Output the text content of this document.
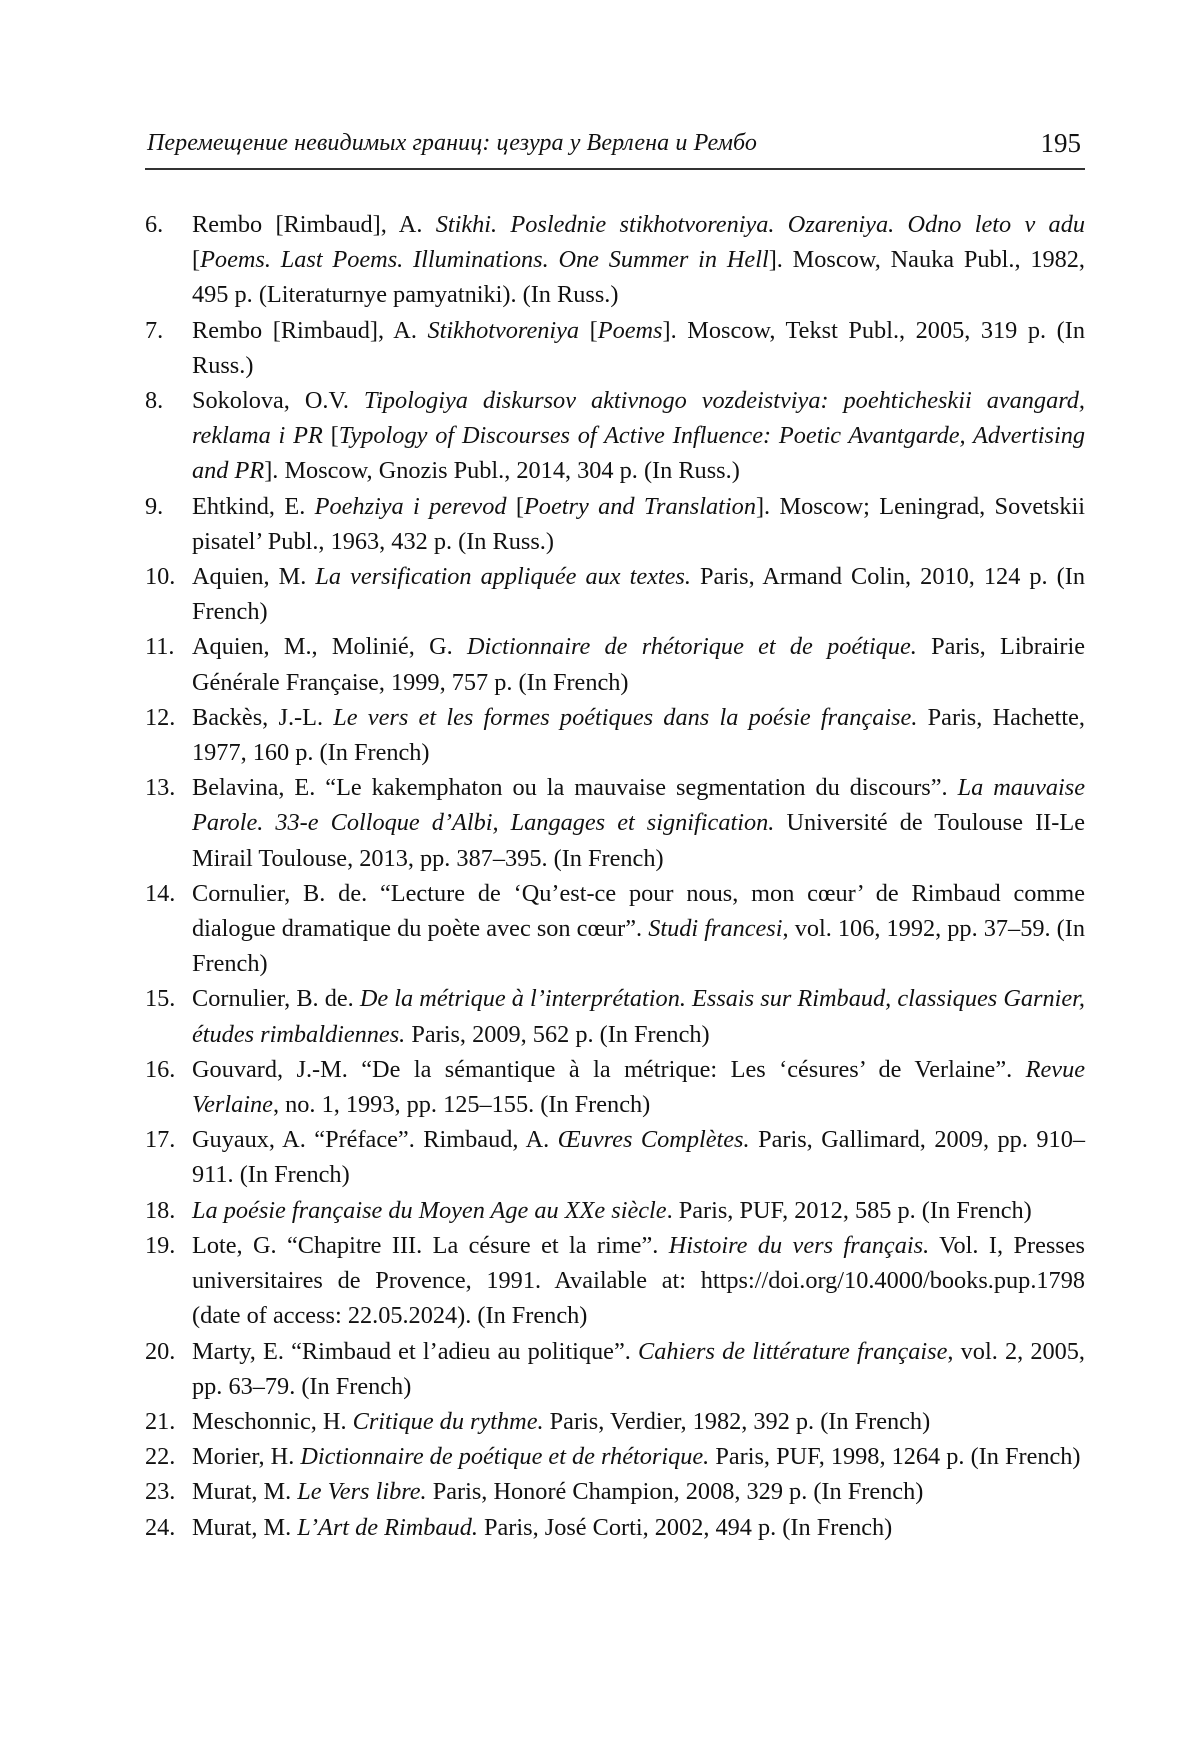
Перемещение невидимых границ: цезура у Верлена и Рембо	195
6. Rembo [Rimbaud], A. Stikhi. Poslednie stikhotvoreniya. Ozareniya. Odno leto v adu [Poems. Last Poems. Illuminations. One Summer in Hell]. Moscow, Nauka Publ., 1982, 495 p. (Literaturnye pamyatniki). (In Russ.)
7. Rembo [Rimbaud], A. Stikhotvoreniya [Poems]. Moscow, Tekst Publ., 2005, 319 p. (In Russ.)
8. Sokolova, O.V. Tipologiya diskursov aktivnogo vozdeistviya: poehticheskii avangard, reklama i PR [Typology of Discourses of Active Influence: Poetic Avantgarde, Advertising and PR]. Moscow, Gnozis Publ., 2014, 304 p. (In Russ.)
9. Ehtkind, E. Poehziya i perevod [Poetry and Translation]. Moscow; Leningrad, Sovetskii pisatel’ Publ., 1963, 432 p. (In Russ.)
10. Aquien, M. La versification appliquée aux textes. Paris, Armand Colin, 2010, 124 p. (In French)
11. Aquien, M., Molinié, G. Dictionnaire de rhétorique et de poétique. Paris, Librairie Générale Française, 1999, 757 p. (In French)
12. Backès, J.-L. Le vers et les formes poétiques dans la poésie française. Paris, Hachette, 1977, 160 p. (In French)
13. Belavina, E. “Le kakemphaton ou la mauvaise segmentation du discours”. La mauvaise Parole. 33-e Colloque d’Albi, Langages et signification. Université de Toulouse II-Le Mirail Toulouse, 2013, pp. 387–395. (In French)
14. Cornulier, B. de. “Lecture de ‘Qu’est-ce pour nous, mon cœur’ de Rimbaud comme dialogue dramatique du poète avec son cœur”. Studi francesi, vol. 106, 1992, pp. 37–59. (In French)
15. Cornulier, B. de. De la métrique à l’interprétation. Essais sur Rimbaud, classiques Garnier, études rimbaldiennes. Paris, 2009, 562 p. (In French)
16. Gouvard, J.-M. “De la sémantique à la métrique: Les ‘césures’ de Verlaine”. Revue Verlaine, no. 1, 1993, pp. 125–155. (In French)
17. Guyaux, A. “Préface”. Rimbaud, A. Œuvres Complètes. Paris, Gallimard, 2009, pp. 910–911. (In French)
18. La poésie française du Moyen Age au XXe siècle. Paris, PUF, 2012, 585 p. (In French)
19. Lote, G. “Chapitre III. La césure et la rime”. Histoire du vers français. Vol. I, Presses universitaires de Provence, 1991. Available at: https://doi.org/10.4000/books.pup.1798 (date of access: 22.05.2024). (In French)
20. Marty, E. “Rimbaud et l’adieu au politique”. Cahiers de littérature française, vol. 2, 2005, pp. 63–79. (In French)
21. Meschonnic, H. Critique du rythme. Paris, Verdier, 1982, 392 p. (In French)
22. Morier, H. Dictionnaire de poétique et de rhétorique. Paris, PUF, 1998, 1264 p. (In French)
23. Murat, M. Le Vers libre. Paris, Honoré Champion, 2008, 329 p. (In French)
24. Murat, M. L’Art de Rimbaud. Paris, José Corti, 2002, 494 p. (In French)
